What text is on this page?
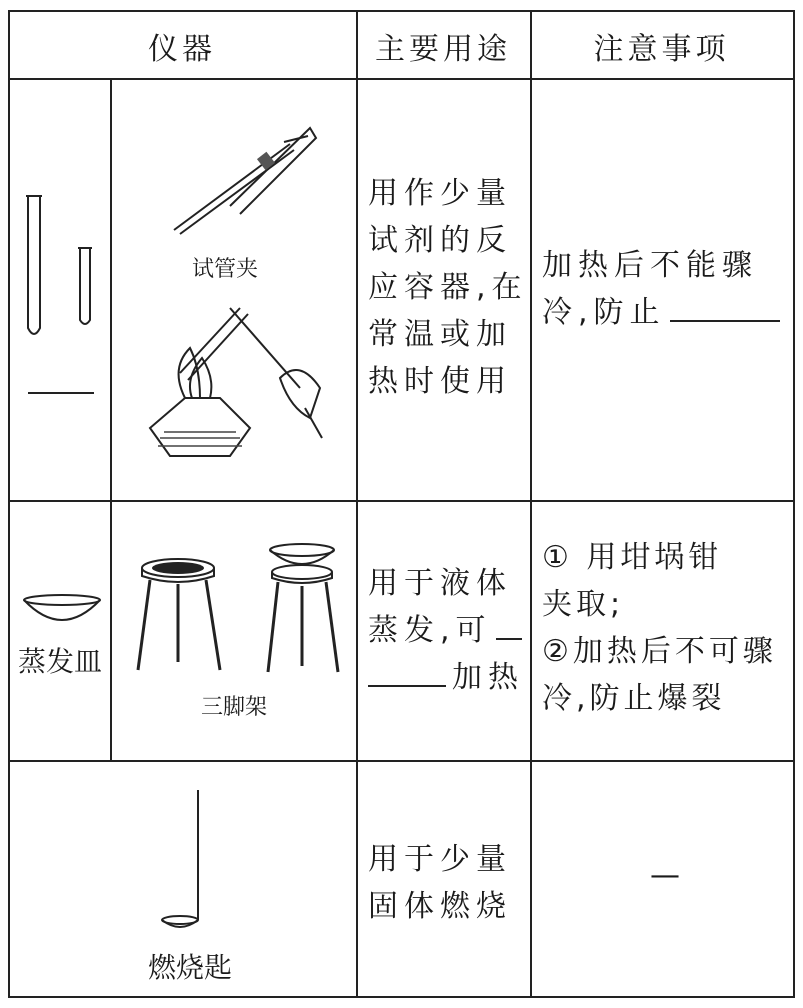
仪器	主要用途	注意事项
试管夹
用作少量
试剂的反
应容器,在
常温或加
热时使用
加热后不能骤
冷,防止
蒸发皿
三脚架
用于液体
蒸发,可
加热
① 用坩埚钳
夹取;
②加热后不可骤
冷,防止爆裂
燃烧匙
用于少量
固体燃烧
—
